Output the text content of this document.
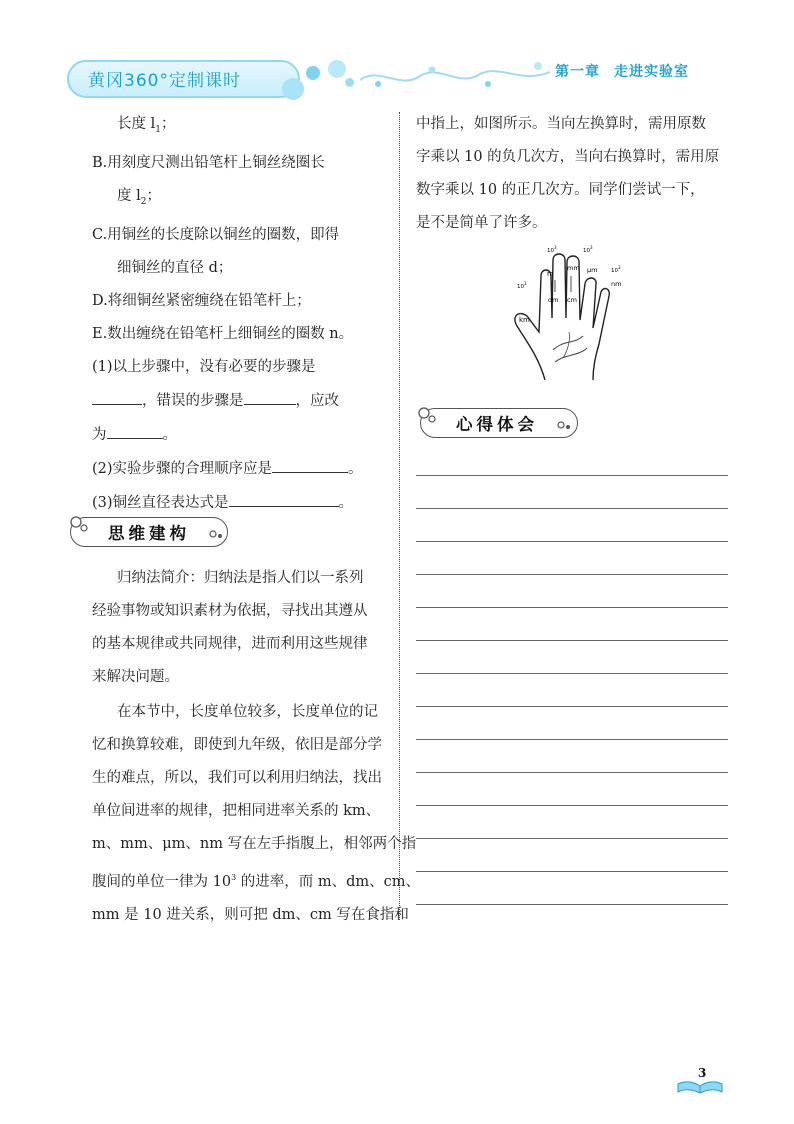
黄冈360°定制课时	第一章 走进实验室
长度 $l_1$；
B.用刻度尺测出铅笔杆上铜丝绕圈长
度 $l_2$；
C.用铜丝的长度除以铜丝的圈数，即得
细铜丝的直径 d；
D.将细铜丝紧密缠绕在铅笔杆上；
E.数出缠绕在铅笔杆上细铜丝的圈数 n。
(1)以上步骤中，没有必要的步骤是
，错误的步骤是	，应改
为	。
(2)实验步骤的合理顺序应是	。
(3)铜丝直径表达式是	。
思维建构
归纳法简介：归纳法是指人们以一系列
经验事物或知识素材为依据，寻找出其遵从
的基本规律或共同规律，进而利用这些规律
来解决问题。
在本节中，长度单位较多，长度单位的记
忆和换算较难，即使到九年级，依旧是部分学
生的难点，所以，我们可以利用归纳法，找出
单位间进率的规律，把相同进率关系的 km、
m、mm、μm、nm 写在左手指腹上，相邻两个指
腹间的单位一律为 $10^3$ 的进率，而 m、dm、cm、
mm 是 10 进关系，则可把 dm、cm 写在食指和
中指上，如图所示。当向左换算时，需用原数
字乘以 10 的负几次方，当向右换算时，需用原
数字乘以 10 的正几次方。同学们尝试一下，
是不是简单了许多。
km
m
dm cm
mm μm
nm
$10^3$
$10^3$
$10^3$
$10^3$
心得体会
3
